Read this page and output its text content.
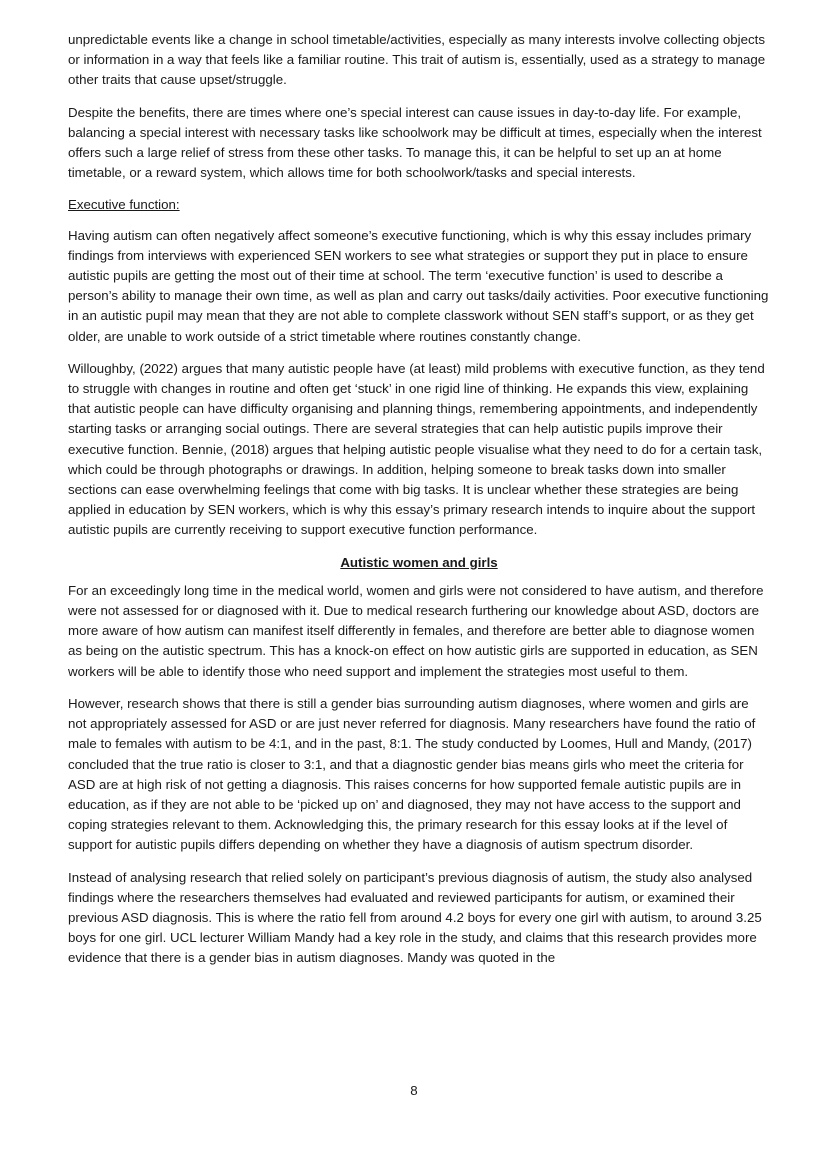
unpredictable events like a change in school timetable/activities, especially as many interests involve collecting objects or information in a way that feels like a familiar routine. This trait of autism is, essentially, used as a strategy to manage other traits that cause upset/struggle.

Despite the benefits, there are times where one’s special interest can cause issues in day-to-day life. For example, balancing a special interest with necessary tasks like schoolwork may be difficult at times, especially when the interest offers such a large relief of stress from these other tasks. To manage this, it can be helpful to set up an at home timetable, or a reward system, which allows time for both schoolwork/tasks and special interests.

Executive function:

Having autism can often negatively affect someone’s executive functioning, which is why this essay includes primary findings from interviews with experienced SEN workers to see what strategies or support they put in place to ensure autistic pupils are getting the most out of their time at school. The term ‘executive function’ is used to describe a person’s ability to manage their own time, as well as plan and carry out tasks/daily activities. Poor executive functioning in an autistic pupil may mean that they are not able to complete classwork without SEN staff’s support, or as they get older, are unable to work outside of a strict timetable where routines constantly change.

Willoughby, (2022) argues that many autistic people have (at least) mild problems with executive function, as they tend to struggle with changes in routine and often get ‘stuck’ in one rigid line of thinking. He expands this view, explaining that autistic people can have difficulty organising and planning things, remembering appointments, and independently starting tasks or arranging social outings. There are several strategies that can help autistic pupils improve their executive function. Bennie, (2018) argues that helping autistic people visualise what they need to do for a certain task, which could be through photographs or drawings. In addition, helping someone to break tasks down into smaller sections can ease overwhelming feelings that come with big tasks. It is unclear whether these strategies are being applied in education by SEN workers, which is why this essay’s primary research intends to inquire about the support autistic pupils are currently receiving to support executive function performance.

Autistic women and girls

For an exceedingly long time in the medical world, women and girls were not considered to have autism, and therefore were not assessed for or diagnosed with it. Due to medical research furthering our knowledge about ASD, doctors are more aware of how autism can manifest itself differently in females, and therefore are better able to diagnose women as being on the autistic spectrum. This has a knock-on effect on how autistic girls are supported in education, as SEN workers will be able to identify those who need support and implement the strategies most useful to them.

However, research shows that there is still a gender bias surrounding autism diagnoses, where women and girls are not appropriately assessed for ASD or are just never referred for diagnosis. Many researchers have found the ratio of male to females with autism to be 4:1, and in the past, 8:1. The study conducted by Loomes, Hull and Mandy, (2017) concluded that the true ratio is closer to 3:1, and that a diagnostic gender bias means girls who meet the criteria for ASD are at high risk of not getting a diagnosis. This raises concerns for how supported female autistic pupils are in education, as if they are not able to be ‘picked up on’ and diagnosed, they may not have access to the support and coping strategies relevant to them. Acknowledging this, the primary research for this essay looks at if the level of support for autistic pupils differs depending on whether they have a diagnosis of autism spectrum disorder.

Instead of analysing research that relied solely on participant’s previous diagnosis of autism, the study also analysed findings where the researchers themselves had evaluated and reviewed participants for autism, or examined their previous ASD diagnosis. This is where the ratio fell from around 4.2 boys for every one girl with autism, to around 3.25 boys for one girl. UCL lecturer William Mandy had a key role in the study, and claims that this research provides more evidence that there is a gender bias in autism diagnoses. Mandy was quoted in the

8
